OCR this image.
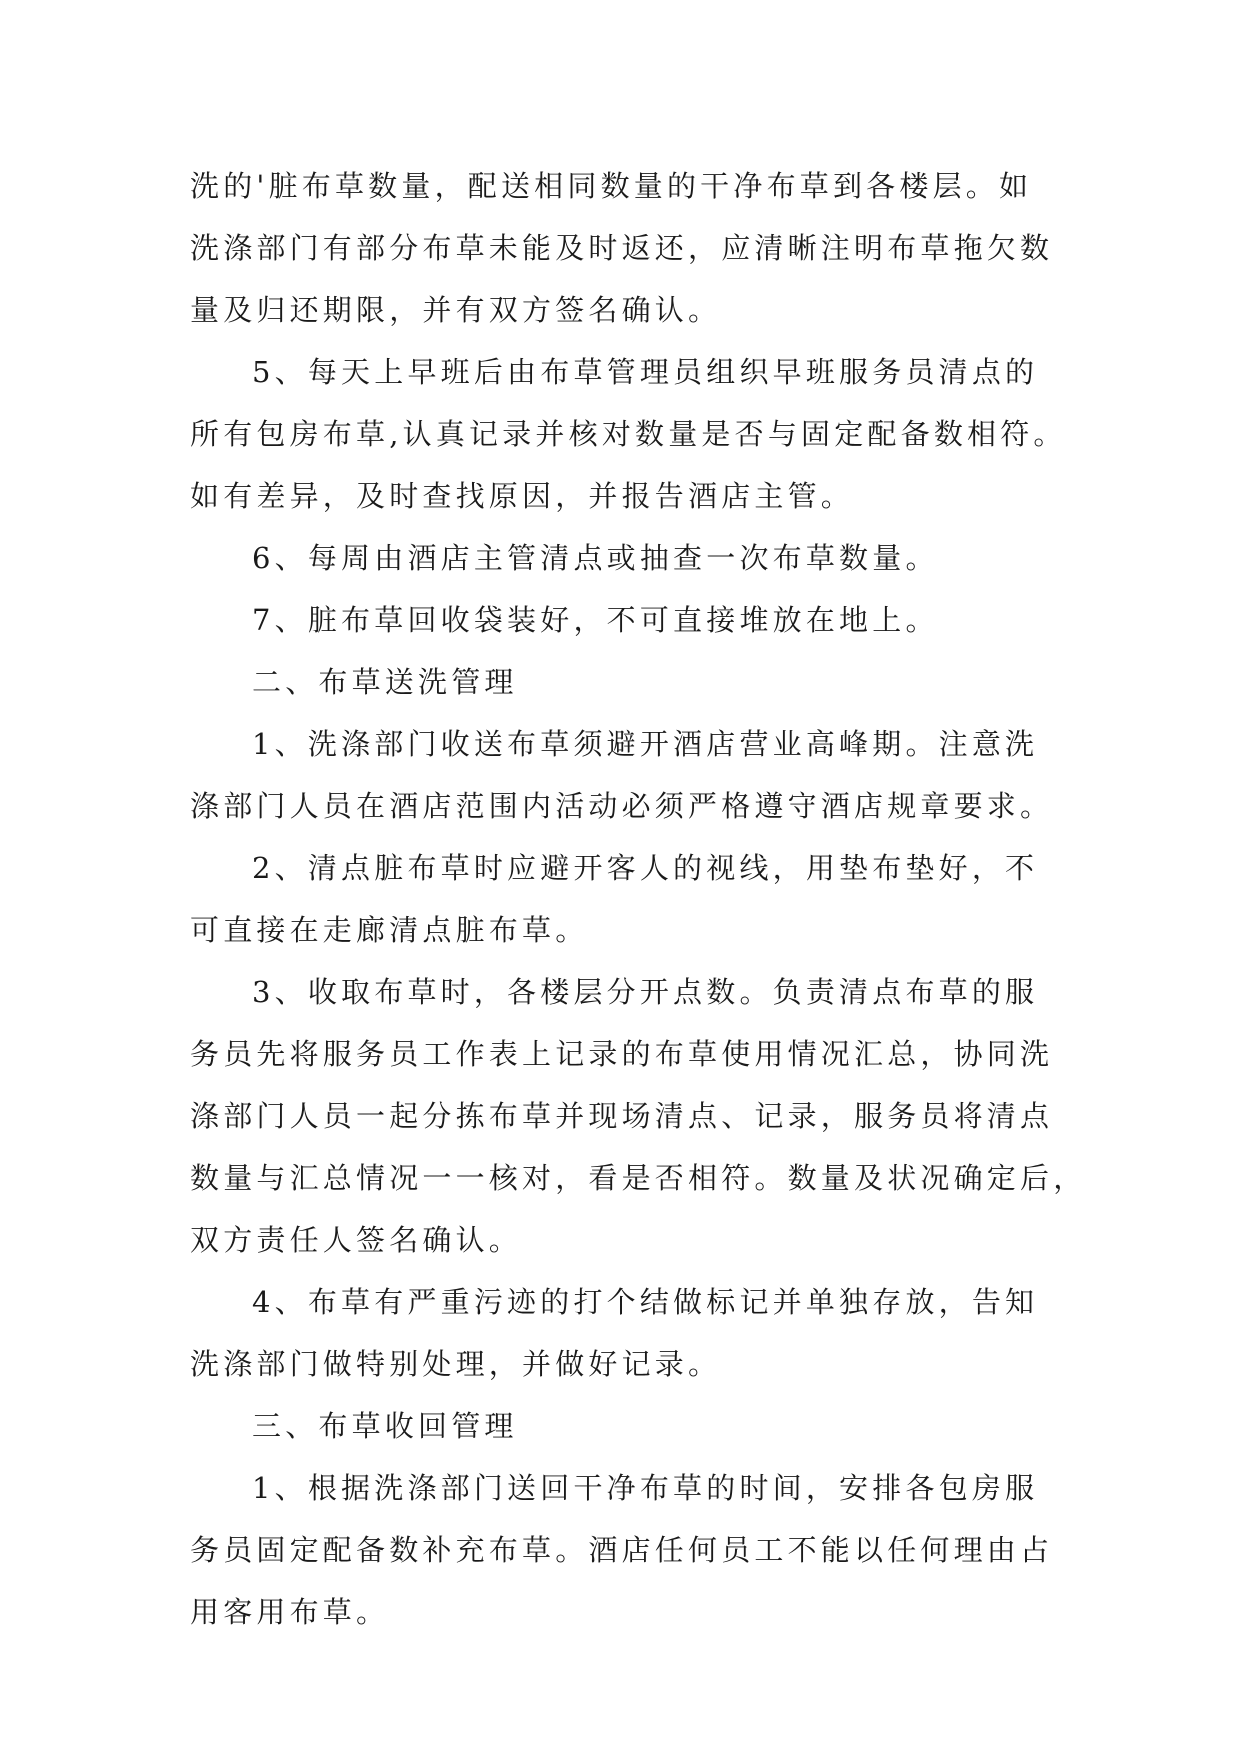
洗的'脏布草数量，配送相同数量的干净布草到各楼层。如

洗涤部门有部分布草未能及时返还，应清晰注明布草拖欠数

量及归还期限，并有双方签名确认。

5、每天上早班后由布草管理员组织早班服务员清点的

所有包房布草,认真记录并核对数量是否与固定配备数相符。

如有差异，及时查找原因，并报告酒店主管。

6、每周由酒店主管清点或抽查一次布草数量。

7、脏布草回收袋装好，不可直接堆放在地上。

二、布草送洗管理

1、洗涤部门收送布草须避开酒店营业高峰期。注意洗

涤部门人员在酒店范围内活动必须严格遵守酒店规章要求。

2、清点脏布草时应避开客人的视线，用垫布垫好，不

可直接在走廊清点脏布草。

3、收取布草时，各楼层分开点数。负责清点布草的服

务员先将服务员工作表上记录的布草使用情况汇总，协同洗

涤部门人员一起分拣布草并现场清点、记录，服务员将清点

数量与汇总情况一一核对，看是否相符。数量及状况确定后，

双方责任人签名确认。

4、布草有严重污迹的打个结做标记并单独存放，告知

洗涤部门做特别处理，并做好记录。

三、布草收回管理

1、根据洗涤部门送回干净布草的时间，安排各包房服

务员固定配备数补充布草。酒店任何员工不能以任何理由占

用客用布草。
